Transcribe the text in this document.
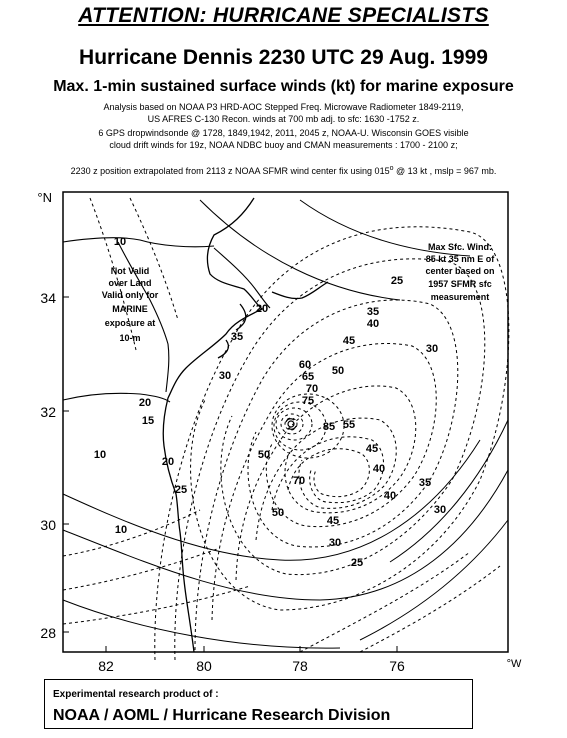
ATTENTION: HURRICANE SPECIALISTS
Hurricane Dennis 2230 UTC 29 Aug. 1999
Max. 1-min sustained surface winds (kt) for marine exposure
Analysis based on NOAA P3 HRD-AOC Stepped Freq. Microwave Radiometer 1849-2119,
US AFRES C-130 Recon. winds at 700 mb adj. to sfc: 1630 -1752 z.
6 GPS dropwindsonde @ 1728, 1849,1942, 2011, 2045 z, NOAA-U. Wisconsin GOES visible
cloud drift winds for 19z, NOAA NDBC buoy and CMAN measurements : 1700 - 2100 z;
2230 z position extrapolated from 2113 z NOAA SFMR wind center fix using 015$^o$ @ 13 kt , mslp = 967 mb.
10
15
20
25
30
35
40
45
50
55
60
65
70
75
85
10
20
25
30
35
20
10
30
25
45
50
70
40
35
30
40
45
50
°N
34
32
30
28
82	80	78	76	°W
Not Valid
over Land
Valid only for
MARINE
exposure at
10-m
Max Sfc. Wind:
85 kt 35 nm E of
center based on
1957 SFMR sfc
measurement
Experimental research product of :
NOAA / AOML / Hurricane Research Division
